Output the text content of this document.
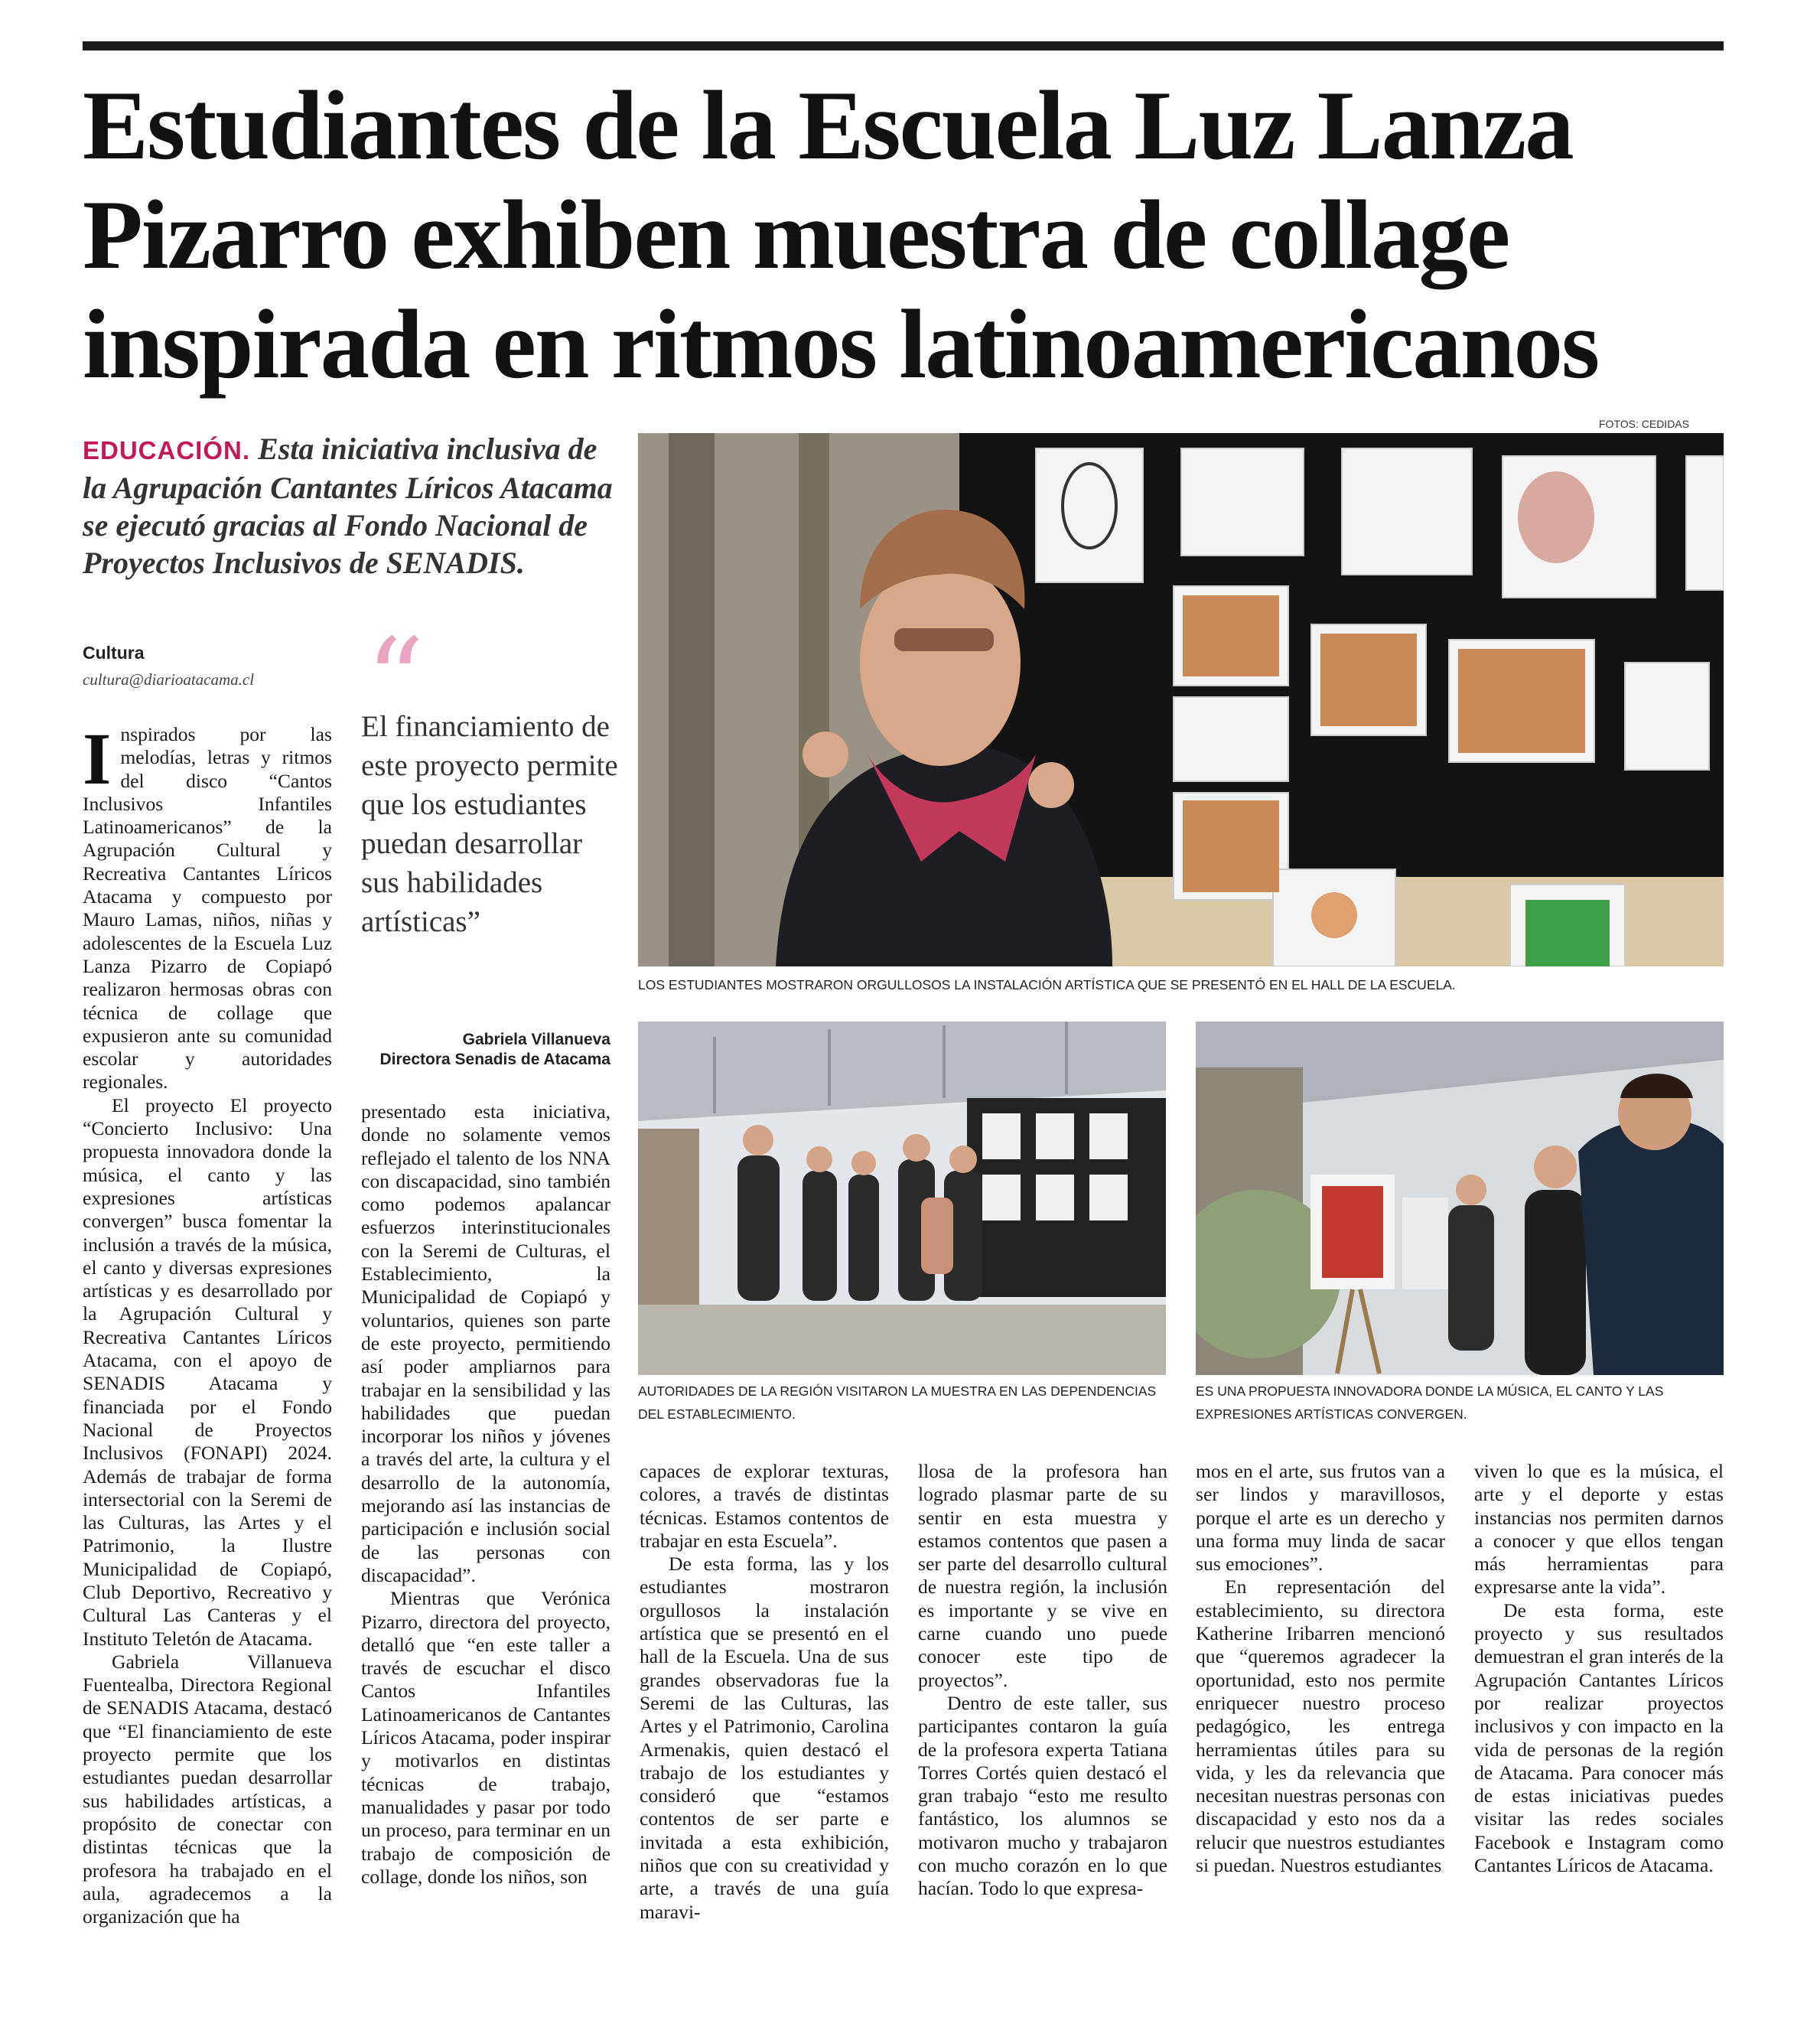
Estudiantes de la Escuela Luz Lanza
Pizarro exhiben muestra de collage
inspirada en ritmos latinoamericanos
EDUCACIÓN. Esta iniciativa inclusiva de la Agrupación Cantantes Líricos Atacama se ejecutó gracias al Fondo Nacional de Proyectos Inclusivos de SENADIS.
Cultura
cultura@diarioatacama.cl

Inspirados por las melodías, letras y ritmos del disco “Cantos Inclusivos Infantiles Latinoamericanos” de la Agrupación Cultural y Recreativa Cantantes Líricos Atacama y compuesto por Mauro Lamas, niños, niñas y adolescentes de la Escuela Luz Lanza Pizarro de Copiapó realizaron hermosas obras con técnica de collage que expusieron ante su comunidad escolar y autoridades regionales.

El proyecto El proyecto “Concierto Inclusivo: Una propuesta innovadora donde la música, el canto y las expresiones artísticas convergen” busca fomentar la inclusión a través de la música, el canto y diversas expresiones artísticas y es desarrollado por la Agrupación Cultural y Recreativa Cantantes Líricos Atacama, con el apoyo de SENADIS Atacama y financiada por el Fondo Nacional de Proyectos Inclusivos (FONAPI) 2024. Además de trabajar de forma intersectorial con la Seremi de las Culturas, las Artes y el Patrimonio, la Ilustre Municipalidad de Copiapó, Club Deportivo, Recreativo y Cultural Las Canteras y el Instituto Teletón de Atacama.

Gabriela Villanueva Fuentealba, Directora Regional de SENADIS Atacama, destacó que “El financiamiento de este proyecto permite que los estudiantes puedan desarrollar sus habilidades artísticas, a propósito de conectar con distintas técnicas que la profesora ha trabajado en el aula, agradecemos a la organización que ha

“
El financiamiento de este proyecto permite que los estudiantes puedan desarrollar sus habilidades artísticas”
Gabriela Villanueva
Directora Senadis de Atacama

presentado esta iniciativa, donde no solamente vemos reflejado el talento de los NNA con discapacidad, sino también como podemos apalancar esfuerzos interinstitucionales con la Seremi de Culturas, el Establecimiento, la Municipalidad de Copiapó y voluntarios, quienes son parte de este proyecto, permitiendo así poder ampliarnos para trabajar en la sensibilidad y las habilidades que puedan incorporar los niños y jóvenes a través del arte, la cultura y el desarrollo de la autonomía, mejorando así las instancias de participación e inclusión social de las personas con discapacidad”.

Mientras que Verónica Pizarro, directora del proyecto, detalló que “en este taller a través de escuchar el disco Cantos Infantiles Latinoamericanos de Cantantes Líricos Atacama, poder inspirar y motivarlos en distintas técnicas de trabajo, manualidades y pasar por todo un proceso, para terminar en un trabajo de composición de collage, donde los niños, son

FOTOS: CEDIDAS
LOS ESTUDIANTES MOSTRARON ORGULLOSOS LA INSTALACIÓN ARTÍSTICA QUE SE PRESENTÓ EN EL HALL DE LA ESCUELA.
AUTORIDADES DE LA REGIÓN VISITARON LA MUESTRA EN LAS DEPENDENCIAS DEL ESTABLECIMIENTO.
ES UNA PROPUESTA INNOVADORA DONDE LA MÚSICA, EL CANTO Y LAS EXPRESIONES ARTÍSTICAS CONVERGEN.

capaces de explorar texturas, colores, a través de distintas técnicas. Estamos contentos de trabajar en esta Escuela”.

De esta forma, las y los estudiantes mostraron orgullosos la instalación artística que se presentó en el hall de la Escuela. Una de sus grandes observadoras fue la Seremi de las Culturas, las Artes y el Patrimonio, Carolina Armenakis, quien destacó el trabajo de los estudiantes y consideró que “estamos contentos de ser parte e invitada a esta exhibición, niños que con su creatividad y arte, a través de una guía maravi-

llosa de la profesora han logrado plasmar parte de su sentir en esta muestra y estamos contentos que pasen a ser parte del desarrollo cultural de nuestra región, la inclusión es importante y se vive en carne cuando uno puede conocer este tipo de proyectos”.

Dentro de este taller, sus participantes contaron la guía de la profesora experta Tatiana Torres Cortés quien destacó el gran trabajo “esto me resulto fantástico, los alumnos se motivaron mucho y trabajaron con mucho corazón en lo que hacían. Todo lo que expresa-

mos en el arte, sus frutos van a ser lindos y maravillosos, porque el arte es un derecho y una forma muy linda de sacar sus emociones”.

En representación del establecimiento, su directora Katherine Iribarren mencionó que “queremos agradecer la oportunidad, esto nos permite enriquecer nuestro proceso pedagógico, les entrega herramientas útiles para su vida, y les da relevancia que necesitan nuestras personas con discapacidad y esto nos da a relucir que nuestros estudiantes si puedan. Nuestros estudiantes

viven lo que es la música, el arte y el deporte y estas instancias nos permiten darnos a conocer y que ellos tengan más herramientas para expresarse ante la vida”.

De esta forma, este proyecto y sus resultados demuestran el gran interés de la Agrupación Cantantes Líricos por realizar proyectos inclusivos y con impacto en la vida de personas de la región de Atacama. Para conocer más de estas iniciativas puedes visitar las redes sociales Facebook e Instagram como Cantantes Líricos de Atacama.
